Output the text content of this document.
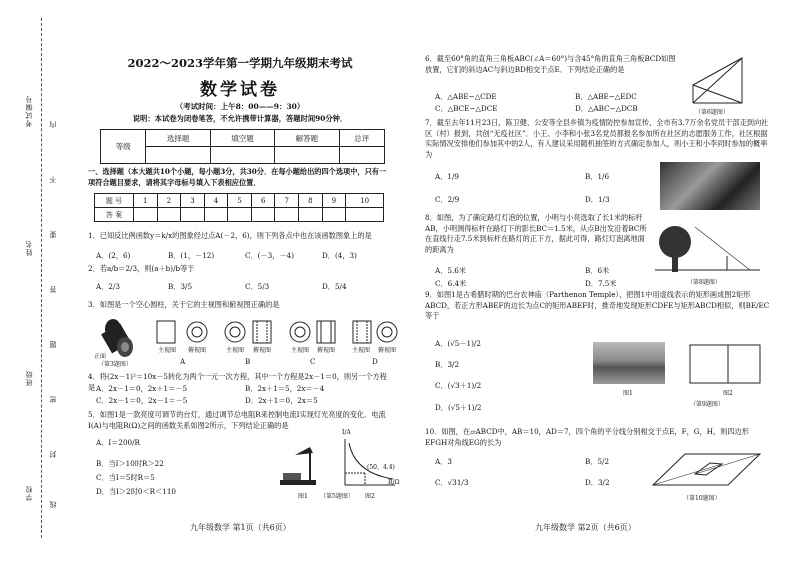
考试编号
姓名
班级
学校
内
不
要
答
题
密
封
线
2022～2023学年第一学期九年级期末考试
数学试卷
（考试时间：上午8：00——9：30）
说明：本试卷为闭卷笔答，不允许携带计算器，答题时间90分钟．
等级	选择题	填空题	解答题	总评

一、选择题（本大题共10个小题，每小题3分，共30分．在每小题给出的四个选项中，只有一项符合题目要求，请将其字母标号填入下表相应位置．
题 号	1	2	3	4	5	6	7	8	9	10
答 案										
1．已知反比例函数y＝k/x的图象经过点A(－2，6)，则下列各点中也在该函数图象上的是
A．(2，6)	B．(1，－12)	C．(－3，－4)	D．(4，3)
2．若a/b＝2/3，则(a＋b)/b等于
A．2/3	B．3/5	C．5/3	D．5/4
3．如图是一个空心圆柱，关于它的主视图和俯视图正确的是
正面
（第3题图）
主视图 俯视图	主视图 俯视图	主视图 俯视图	主视图 俯视图
A	B	C	D
4．将(2x－1)²＝10x－5转化为两个一元一次方程，其中一个方程是2x－1＝0，则另一个方程是 A．2x－1＝0，2x＋1＝－5	B．2x＋1＝5，2x＝－4
C．2x－1＝0，2x－1＝－5	D．2x＋1＝0，2x＝5
5．如图1是一款亮度可调节的台灯，通过调节总电阻R来控制电流I实现灯光亮度的变化．电流I(A)与电阻R(Ω)之间的函数关系如图2所示，下列结论正确的是
A．I＝200/R
B．当I＞10时R＞22
C．当I＝5时R＝5
D．当I＞2时0＜R＜110
I/A
R/Ω
(50，4.4)
图1	图2
（第5题图）
九年级数学 第1页（共6页）
6．截至60°角的直角三角板ABC(∠A＝60°)与含45°角的直角三角板BCD如图放置，它们的斜边AC与斜边BD相交于点E．下列结论正确的是
A．△ABE∽△CDE	B．△ABE∽△EDC
C．△BCE∽△DCE	D．△ABC∽△DCB	（第6题图）
7．截至去年11月23日，陈卫健、公安等全县乡镇为疫情防控参加宣传，全市有3.7万余名党员干部走到向社区（村）报到，共创“无疫社区”．小王、小李和小张3名党员都报名参加所在社区的志愿服务工作，社区根据实际情况安排他们参加其中的2人，有人建议采用随机抽签的方式确定参加人，则小王和小李同时参加的概率为
A．1/9	B．1/6
C．2/9	D．1/3
8．如图，为了确定路灯灯泡的位置，小明与小亮选取了长1米的标杆AB，小明测得标杆在路灯下的影长BC＝1.5米，从点B出发沿着BC所在直线行走7.5米到标杆在路灯的正下方，据此可得，路灯灯泡离地面的距离为
A．5.6米	B．6米
C．6.4米	D．7.5米	（第8题图）
9．如图1是古希腊时期的巴台农神庙（Parthenon Temple），把图1中用虚线表示的矩形画成图2矩形ABCD，若正方形ABEF的边长为点C的矩形ABEF时，推奇地发现矩形CDFE与矩形ABCD相似，则BE/EC等于
A．(√5－1)/2
B．3/2
C．(√3＋1)/2
D．(√5＋1)/2
图1	图2
（第9题图）
10．如图，在▱ABCD中，AB＝10，AD＝7，四个角的平分线分别相交于点E，F，G，H，则四边形EFGH对角线EG的长为
A．3	B．5/2
C．√31/3	D．3/2
（第10题图）
九年级数学 第2页（共6页）
